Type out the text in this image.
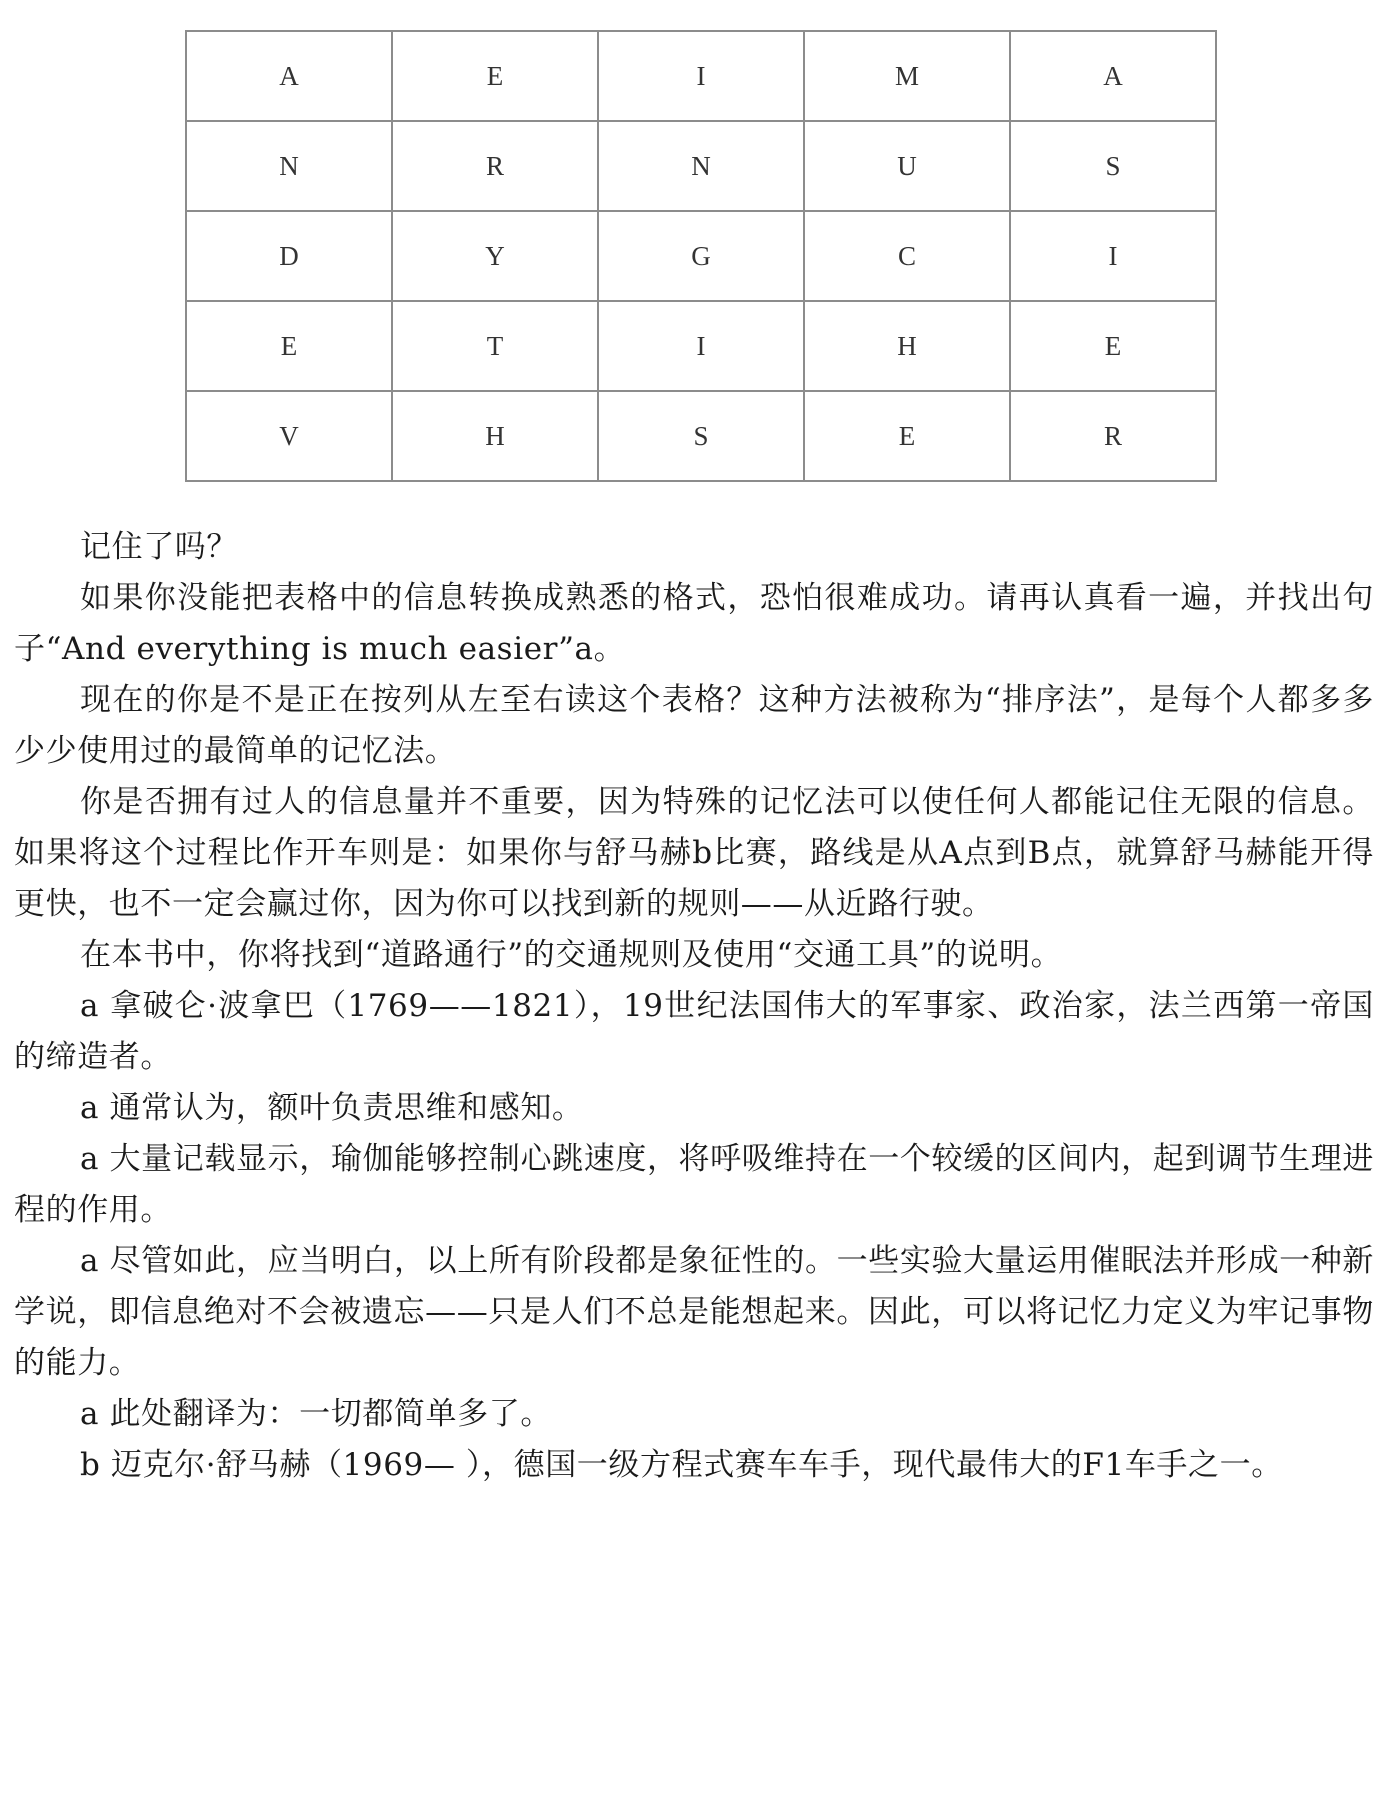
A	E	I	M	A
N	R	N	U	S
D	Y	G	C	I
E	T	I	H	E
V	H	S	E	R

记住了吗？

如果你没能把表格中的信息转换成熟悉的格式，恐怕很难成功。请再认真看一遍，并找出句子“And everything is much easier”a。

现在的你是不是正在按列从左至右读这个表格？这种方法被称为“排序法”，是每个人都多多少少使用过的最简单的记忆法。

你是否拥有过人的信息量并不重要，因为特殊的记忆法可以使任何人都能记住无限的信息。如果将这个过程比作开车则是：如果你与舒马赫b比赛，路线是从A点到B点，就算舒马赫能开得更快，也不一定会赢过你，因为你可以找到新的规则——从近路行驶。

在本书中，你将找到“道路通行”的交通规则及使用“交通工具”的说明。

a 拿破仑·波拿巴（1769——1821），19世纪法国伟大的军事家、政治家，法兰西第一帝国的缔造者。

a 通常认为，额叶负责思维和感知。

a 大量记载显示，瑜伽能够控制心跳速度，将呼吸维持在一个较缓的区间内，起到调节生理进程的作用。

a 尽管如此，应当明白，以上所有阶段都是象征性的。一些实验大量运用催眠法并形成一种新学说，即信息绝对不会被遗忘——只是人们不总是能想起来。因此，可以将记忆力定义为牢记事物的能力。

a 此处翻译为：一切都简单多了。

b 迈克尔·舒马赫（1969— ），德国一级方程式赛车车手，现代最伟大的F1车手之一。
